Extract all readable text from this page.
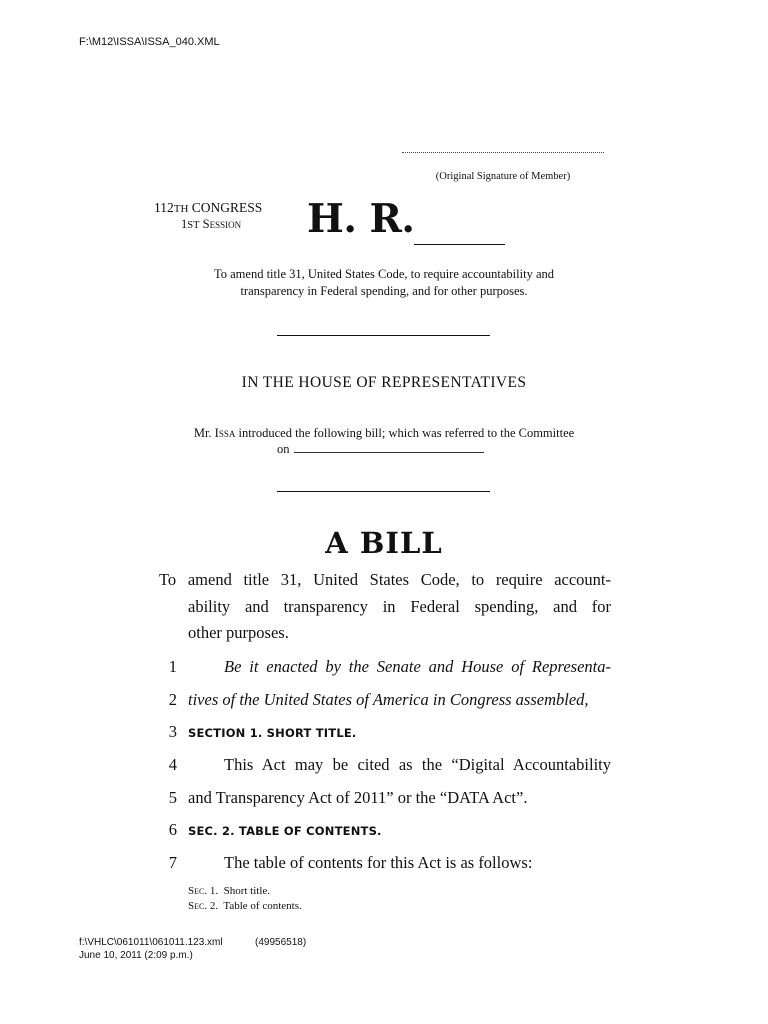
F:\M12\ISSA\ISSA_040.XML
(Original Signature of Member)
112TH CONGRESS
1ST Session	H. R.
To amend title 31, United States Code, to require accountability and
transparency in Federal spending, and for other purposes.
IN THE HOUSE OF REPRESENTATIVES
Mr. Issa introduced the following bill; which was referred to the Committee
on
A BILL
To amend title 31, United States Code, to require account-
ability and transparency in Federal spending, and for
other purposes.
1	Be it enacted by the Senate and House of Representa-
2 tives of the United States of America in Congress assembled,
3 SECTION 1. SHORT TITLE.
4	This Act may be cited as the “Digital Accountability
5 and Transparency Act of 2011” or the “DATA Act”.
6 SEC. 2. TABLE OF CONTENTS.
7	The table of contents for this Act is as follows:
Sec. 1.  Short title.
Sec. 2.  Table of contents.
f:\VHLC\061011\061011.123.xml	(49956518)
June 10, 2011 (2:09 p.m.)
